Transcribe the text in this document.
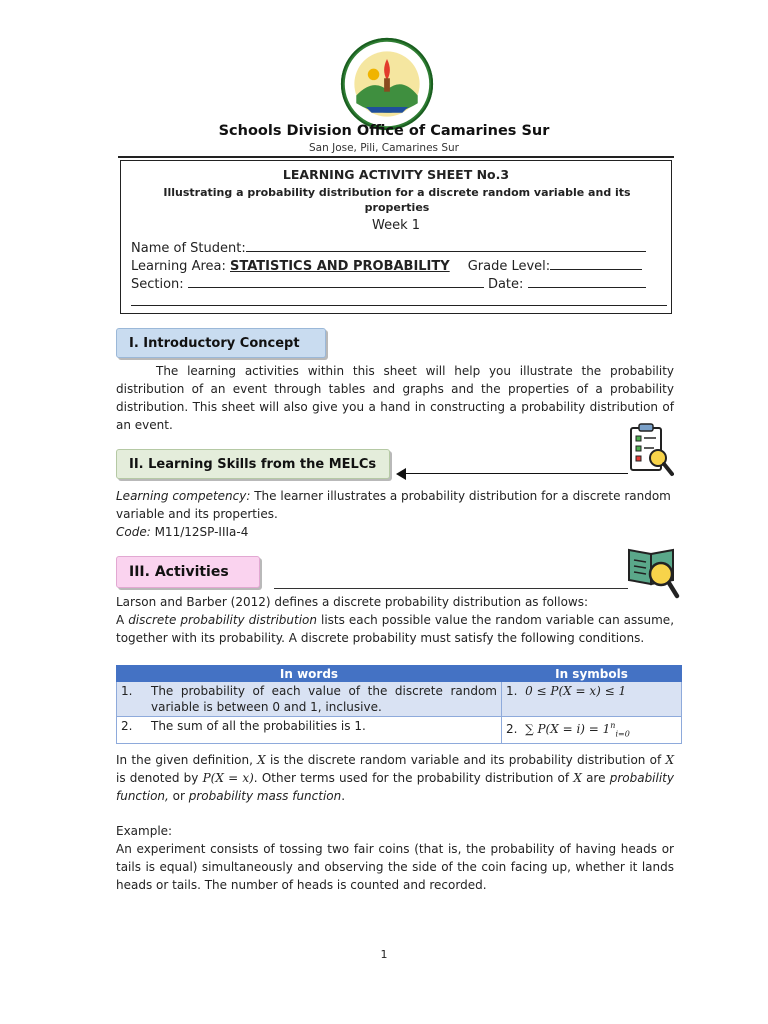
Schools Division Office of Camarines Sur
San Jose, Pili, Camarines Sur
LEARNING ACTIVITY SHEET No.3
Illustrating a probability distribution for a discrete random variable and its properties
Week 1
Name of Student:
Learning Area: STATISTICS AND PROBABILITY Grade Level:
Section:	Date:
I. Introductory Concept
The learning activities within this sheet will help you illustrate the probability distribution of an event through tables and graphs and the properties of a probability distribution. This sheet will also give you a hand in constructing a probability distribution of an event.
II. Learning Skills from the MELCs
Learning competency: The learner illustrates a probability distribution for a discrete random variable and its properties.
Code: M11/12SP-IIIa-4
III. Activities
Larson and Barber (2012) defines a discrete probability distribution as follows:
A discrete probability distribution lists each possible value the random variable can assume, together with its probability. A discrete probability must satisfy the following conditions.
In words	In symbols

1. The probability of each value of the discrete random variable is between 0 and 1, inclusive.	1. 0 ≤ P(X = x) ≤ 1

2. The sum of all the probabilities is 1.	2. ∑ $P(X = i) = 1^n_{i=0}$
In the given definition, X is the discrete random variable and its probability distribution of X is denoted by P(X = x). Other terms used for the probability distribution of X are probability function, or probability mass function.
Example:
An experiment consists of tossing two fair coins (that is, the probability of having heads or tails is equal) simultaneously and observing the side of the coin facing up, whether it lands heads or tails. The number of heads is counted and recorded.
1
